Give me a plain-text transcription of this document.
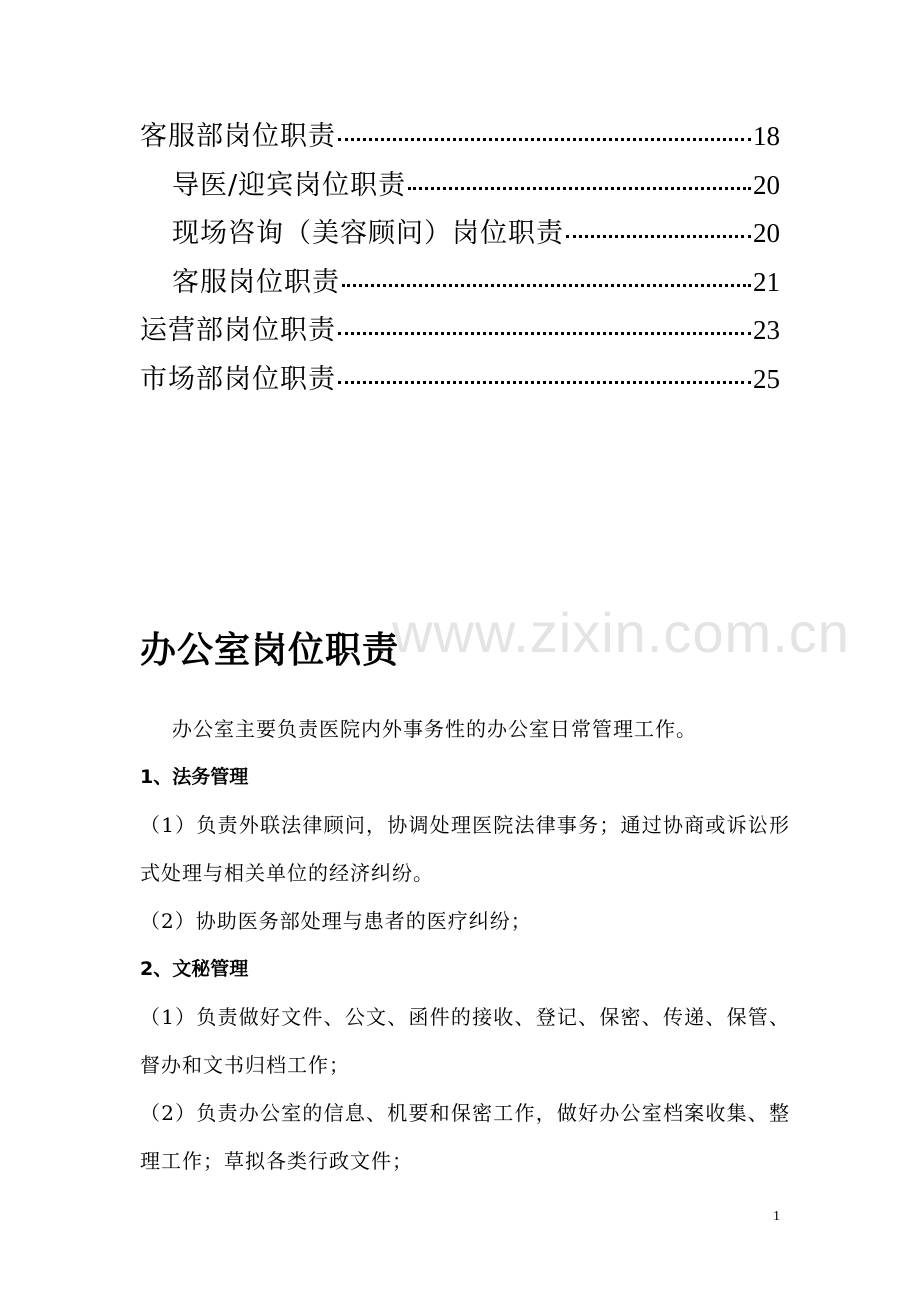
客服部岗位职责	18
导医/迎宾岗位职责	20
现场咨询（美容顾问）岗位职责	20
客服岗位职责	21
运营部岗位职责	23
市场部岗位职责	25
www.zixin.com.cn
办公室岗位职责

办公室主要负责医院内外事务性的办公室日常管理工作。

1、法务管理

（1）负责外联法律顾问，协调处理医院法律事务；通过协商或诉讼形式处理与相关单位的经济纠纷。

（2）协助医务部处理与患者的医疗纠纷；

2、文秘管理

（1）负责做好文件、公文、函件的接收、登记、保密、传递、保管、督办和文书归档工作；

（2）负责办公室的信息、机要和保密工作，做好办公室档案收集、整理工作；草拟各类行政文件；

1
